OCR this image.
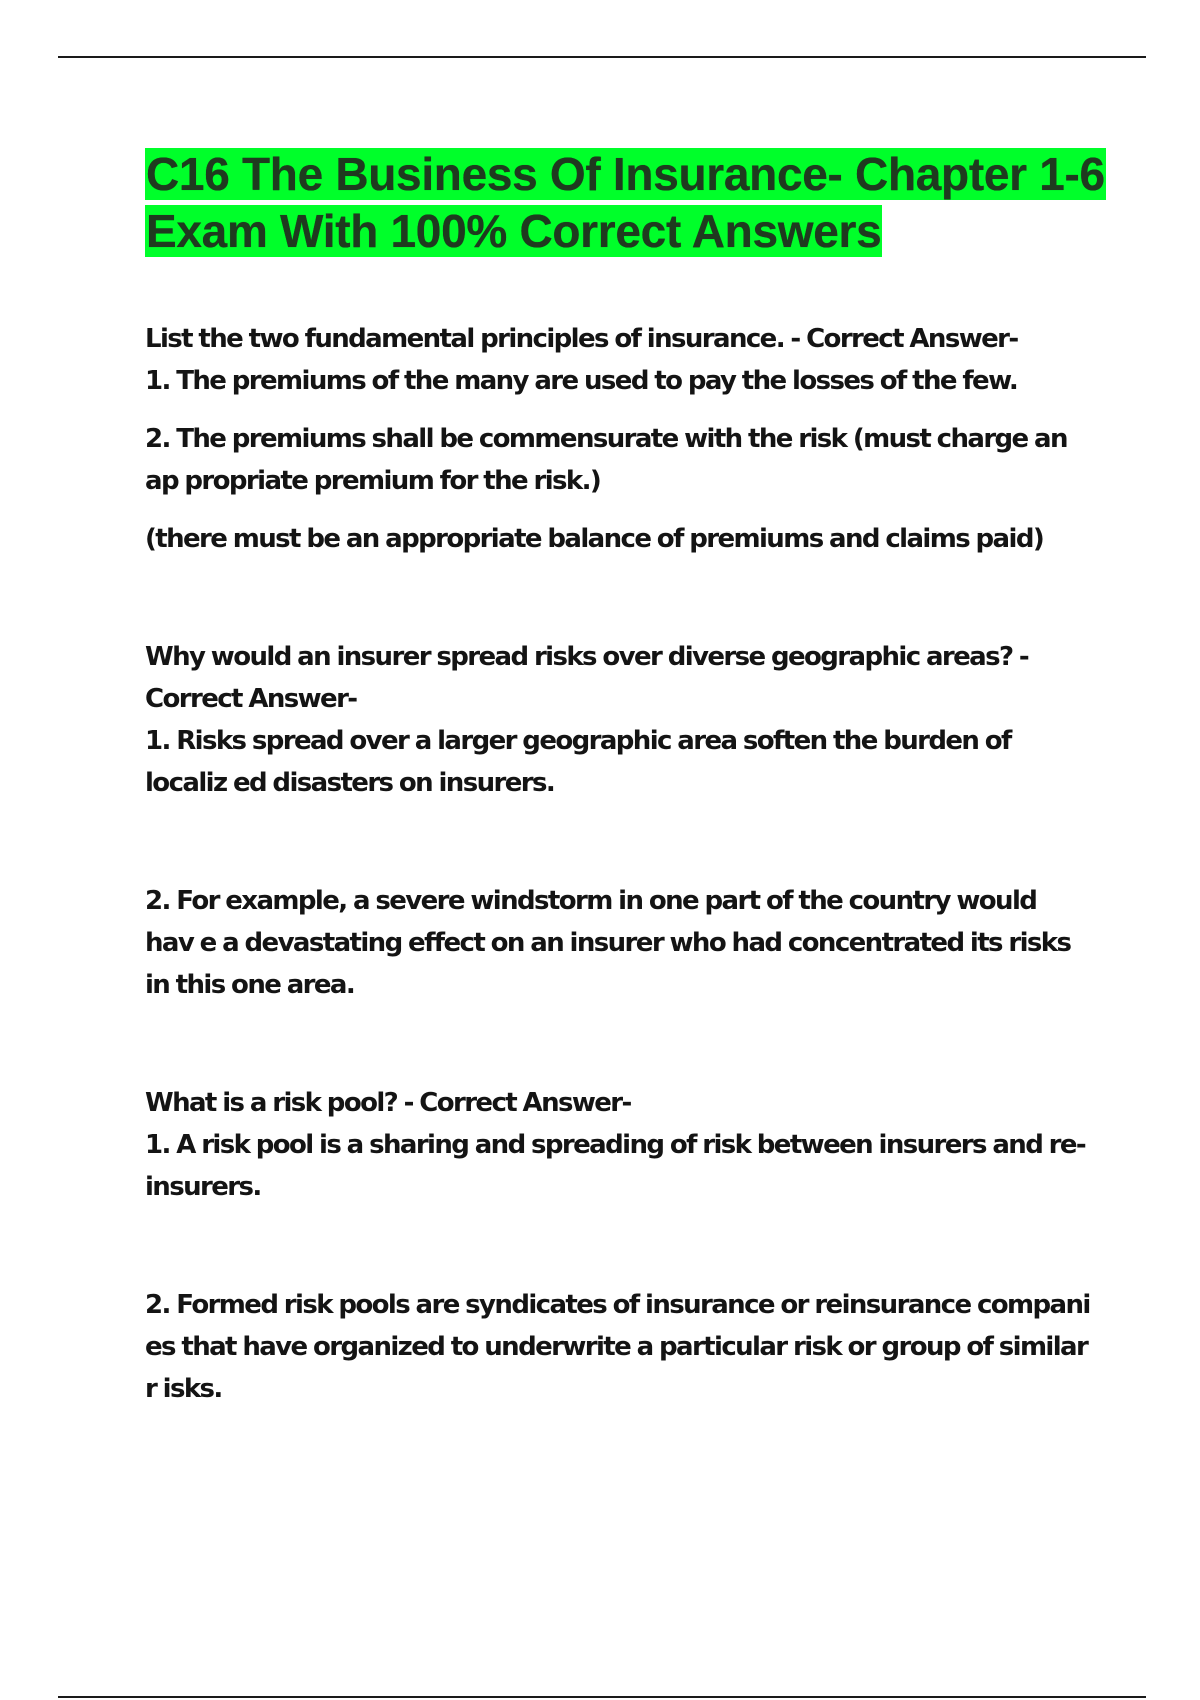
C16 The Business Of Insurance- Chapter 1-6 Exam With 100% Correct Answers

List the two fundamental principles of insurance. - Correct Answer-

1. The premiums of the many are used to pay the losses of the few.

2. The premiums shall be commensurate with the risk (must charge an ap propriate premium for the risk.)

(there must be an appropriate balance of premiums and claims paid)

Why would an insurer spread risks over diverse geographic areas? - Correct Answer-

1. Risks spread over a larger geographic area soften the burden of localiz ed disasters on insurers.

2. For example, a severe windstorm in one part of the country would hav e a devastating effect on an insurer who had concentrated its risks in this one area.

What is a risk pool? - Correct Answer-

1. A risk pool is a sharing and spreading of risk between insurers and re-insurers.

2. Formed risk pools are syndicates of insurance or reinsurance compani es that have organized to underwrite a particular risk or group of similar r isks.
